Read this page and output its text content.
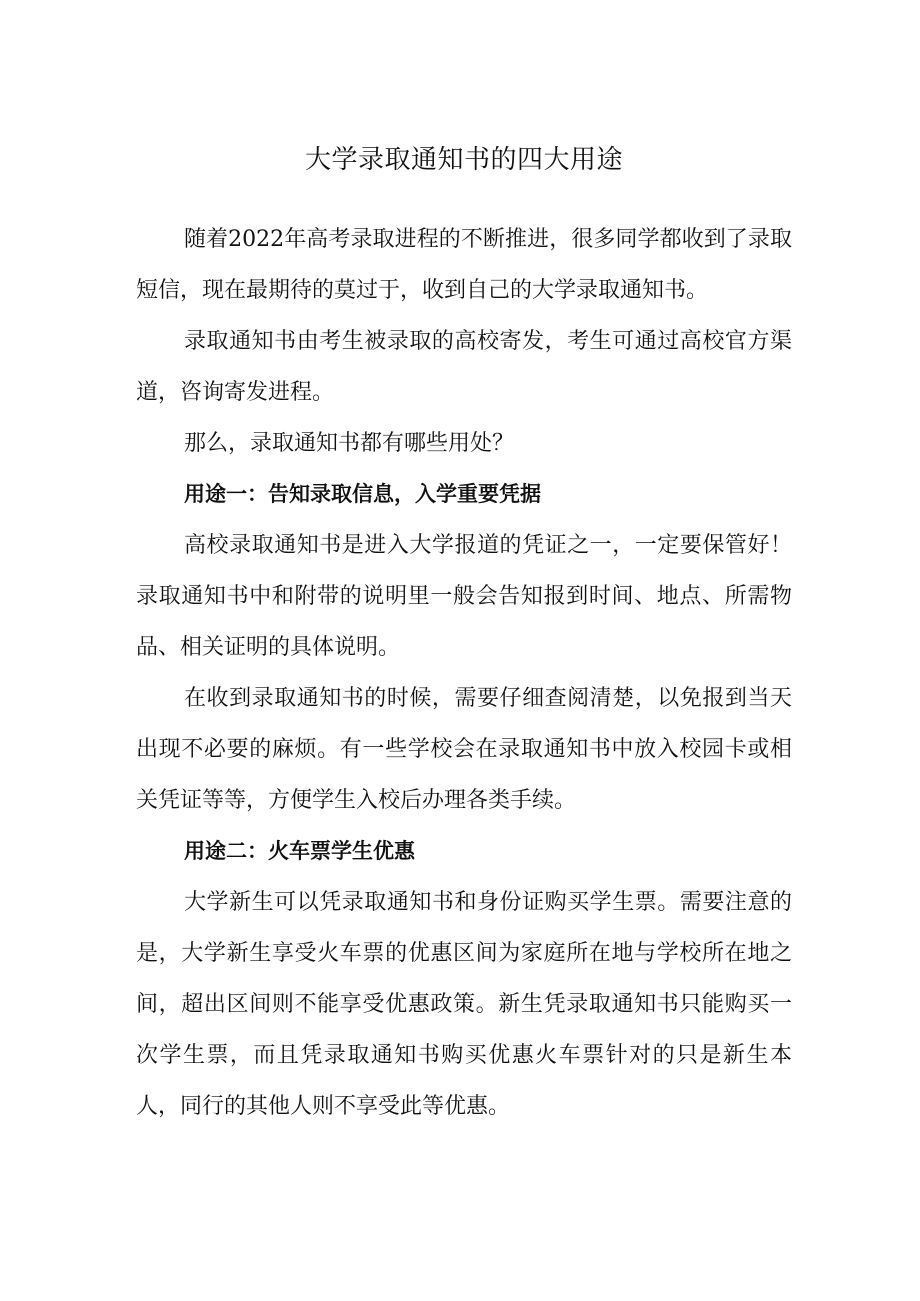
大学录取通知书的四大用途

随着2022年高考录取进程的不断推进，很多同学都收到了录取短信，现在最期待的莫过于，收到自己的大学录取通知书。

录取通知书由考生被录取的高校寄发，考生可通过高校官方渠道，咨询寄发进程。

那么，录取通知书都有哪些用处？

用途一：告知录取信息，入学重要凭据

高校录取通知书是进入大学报道的凭证之一，一定要保管好！录取通知书中和附带的说明里一般会告知报到时间、地点、所需物品、相关证明的具体说明。

在收到录取通知书的时候，需要仔细查阅清楚，以免报到当天出现不必要的麻烦。有一些学校会在录取通知书中放入校园卡或相关凭证等等，方便学生入校后办理各类手续。

用途二：火车票学生优惠

大学新生可以凭录取通知书和身份证购买学生票。需要注意的是，大学新生享受火车票的优惠区间为家庭所在地与学校所在地之间，超出区间则不能享受优惠政策。新生凭录取通知书只能购买一次学生票，而且凭录取通知书购买优惠火车票针对的只是新生本人，同行的其他人则不享受此等优惠。
